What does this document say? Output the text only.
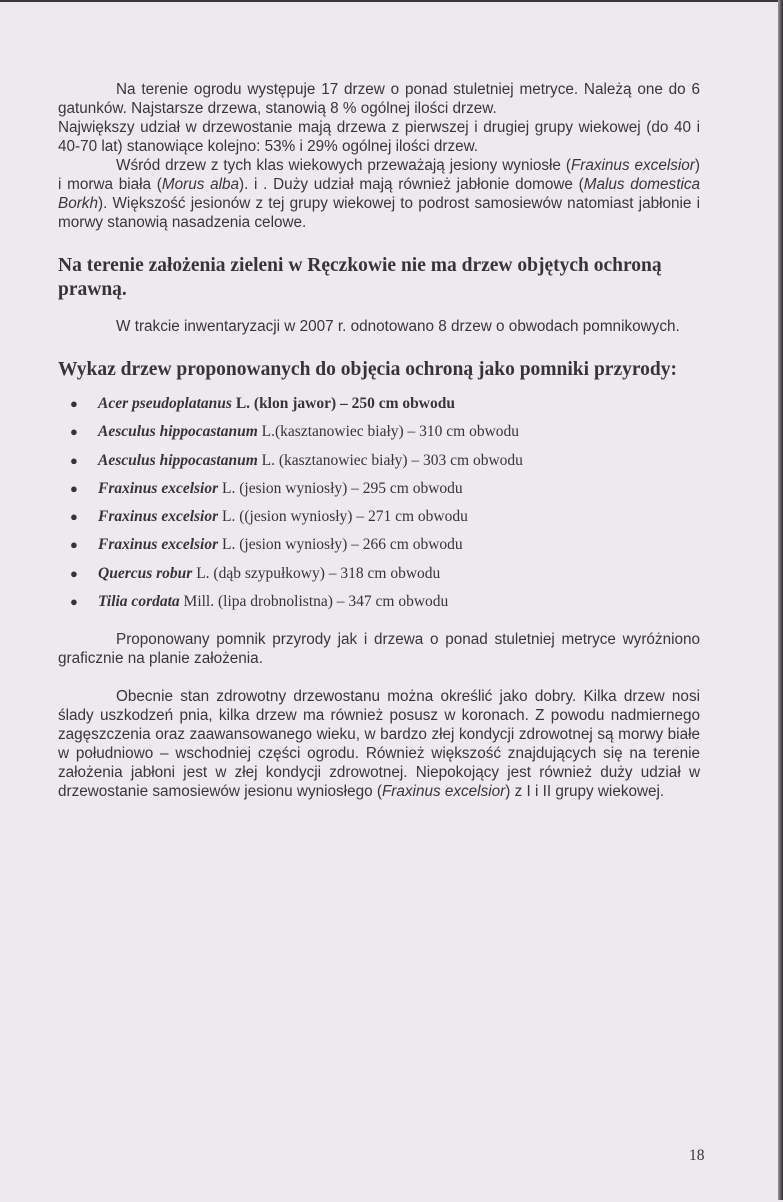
Na terenie ogrodu występuje 17 drzew o ponad stuletniej metryce. Należą one do 6 gatunków. Najstarsze drzewa, stanowią 8 % ogólnej ilości drzew.
Największy udział w drzewostanie mają drzewa z pierwszej i drugiej grupy wiekowej (do 40 i 40-70 lat) stanowiące kolejno: 53% i 29% ogólnej ilości drzew.

Wśród drzew z tych klas wiekowych przeważają jesiony wyniosłe (Fraxinus excelsior) i morwa biała (Morus alba). i . Duży udział mają również jabłonie domowe (Malus domestica Borkh). Większość jesionów z tej grupy wiekowej to podrost samosiewów natomiast jabłonie i morwy stanowią nasadzenia celowe.

Na terenie założenia zieleni w Ręczkowie nie ma drzew objętych ochroną prawną.

W trakcie inwentaryzacji w 2007 r. odnotowano 8 drzew o obwodach pomnikowych.

Wykaz drzew proponowanych do objęcia ochroną jako pomniki przyrody:
● Acer pseudoplatanus L. (klon jawor) – 250 cm obwodu
● Aesculus hippocastanum L.(kasztanowiec biały) – 310 cm obwodu
● Aesculus hippocastanum L. (kasztanowiec biały) – 303 cm obwodu
● Fraxinus excelsior L. (jesion wyniosły) – 295 cm obwodu
● Fraxinus excelsior L. ((jesion wyniosły) – 271 cm obwodu
● Fraxinus excelsior L. (jesion wyniosły) – 266 cm obwodu
● Quercus robur L. (dąb szypułkowy) – 318 cm obwodu
● Tilia cordata Mill. (lipa drobnolistna) – 347 cm obwodu

Proponowany pomnik przyrody jak i drzewa o ponad stuletniej metryce wyróżniono graficznie na planie założenia.

Obecnie stan zdrowotny drzewostanu można określić jako dobry. Kilka drzew nosi ślady uszkodzeń pnia, kilka drzew ma również posusz w koronach. Z powodu nadmiernego zagęszczenia oraz zaawansowanego wieku, w bardzo złej kondycji zdrowotnej są morwy białe w południowo – wschodniej części ogrodu. Również większość znajdujących się na terenie założenia jabłoni jest w złej kondycji zdrowotnej. Niepokojący jest również duży udział w drzewostanie samosiewów jesionu wyniosłego (Fraxinus excelsior) z I i II grupy wiekowej.

18
